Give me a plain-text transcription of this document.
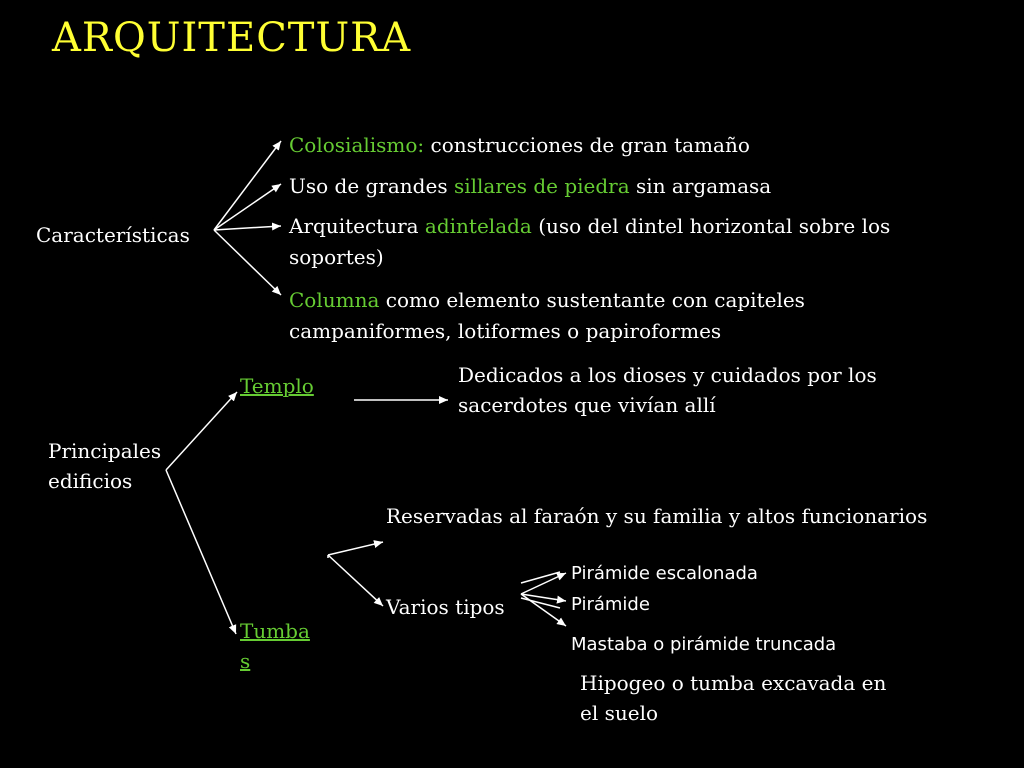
ARQUITECTURA
Características
Colosialismo: construcciones de gran tamaño
Uso de grandes sillares de piedra sin argamasa
Arquitectura adintelada (uso del dintel horizontal sobre los
soportes)
Columna como elemento sustentante con capiteles
campaniformes, lotiformes o papiroformes
Principales
edificios
Templo	Dedicados a los dioses y cuidados por los
sacerdotes que vivían allí
Tumba
s
Reservadas al faraón y su familia y altos funcionarios
Varios tipos
Pirámide escalonada
Pirámide
Mastaba o pirámide truncada
Hipogeo o tumba excavada en
el suelo
